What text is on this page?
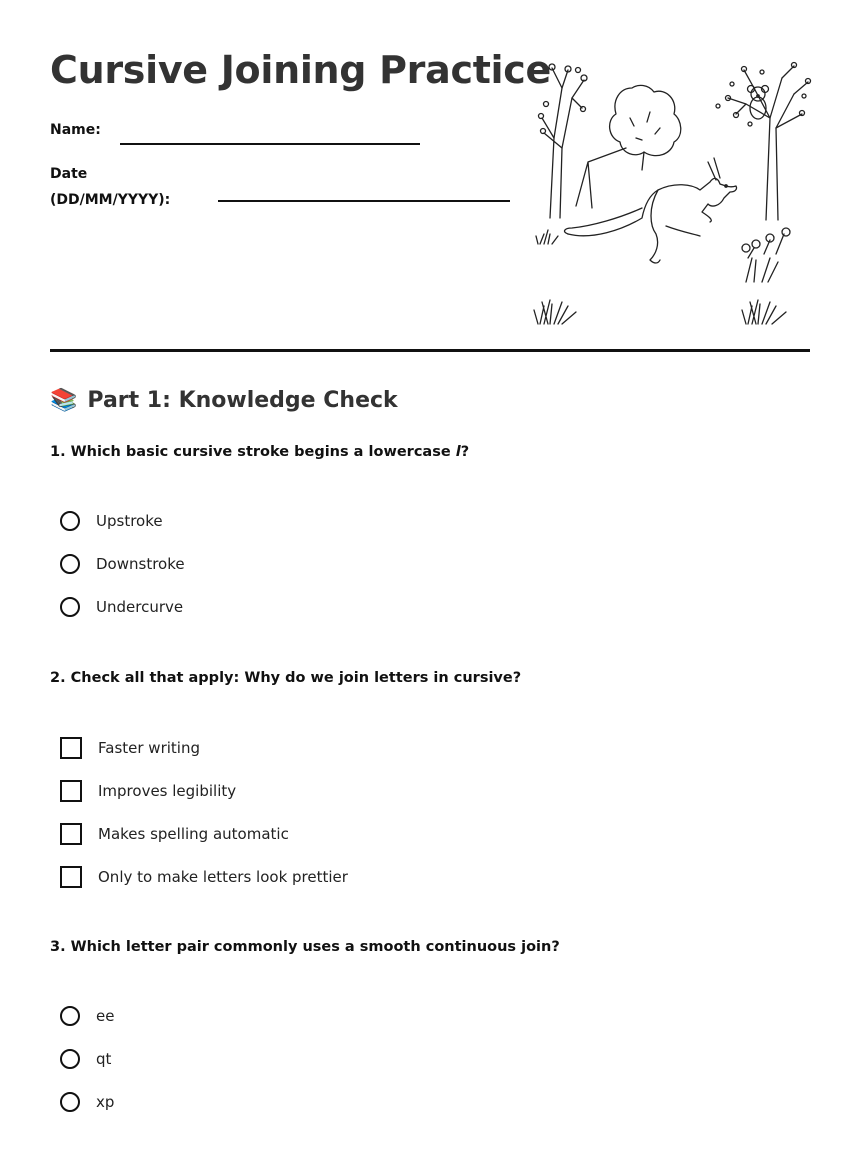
Cursive Joining Practice
Name:
Date
(DD/MM/YYYY):
📚 Part 1: Knowledge Check

1. Which basic cursive stroke begins a lowercase l?

Upstroke
Downstroke
Undercurve

2. Check all that apply: Why do we join letters in cursive?

Faster writing
Improves legibility
Makes spelling automatic
Only to make letters look prettier

3. Which letter pair commonly uses a smooth continuous join?

ee
qt
xp
